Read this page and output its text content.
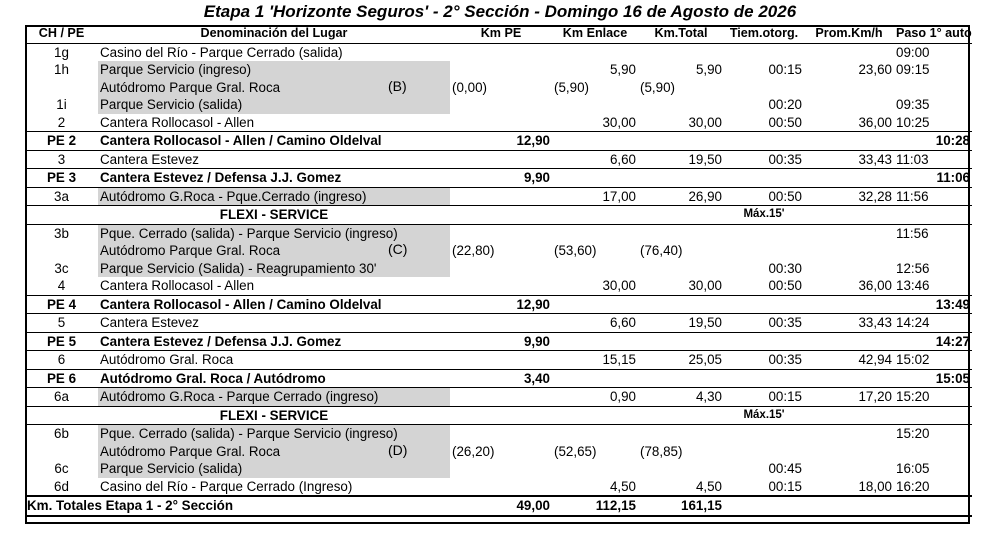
Etapa 1 'Horizonte Seguros' - 2° Sección - Domingo 16 de Agosto de 2026
CH / PE	Denominación del Lugar	Km PE	Km Enlace	Km.Total	Tiem.otorg.	Prom.Km/h	Paso 1° auto
1g	Casino del Río - Parque Cerrado (salida)						09:00
1h	Parque Servicio (ingreso)		5,90	5,90	00:15	23,60	09:15
	Autódromo Parque Gral. Roca (B)	(0,00)	(5,90)	(5,90)			
1i	Parque Servicio (salida)				00:20		09:35
2	Cantera Rollocasol - Allen		30,00	30,00	00:50	36,00	10:25
PE 2	Cantera Rollocasol - Allen / Camino Oldelval	12,90					10:28
3	Cantera Estevez		6,60	19,50	00:35	33,43	11:03
PE 3	Cantera Estevez / Defensa J.J. Gomez	9,90					11:06
3a	Autódromo G.Roca - Pque.Cerrado (ingreso)		17,00	26,90	00:50	32,28	11:56
	FLEXI - SERVICE				Máx.15'		
3b	Pque. Cerrado (salida) - Parque Servicio (ingreso)						11:56
	Autódromo Parque Gral. Roca (C)	(22,80)	(53,60)	(76,40)			
3c	Parque Servicio (Salida) - Reagrupamiento 30'				00:30		12:56
4	Cantera Rollocasol - Allen		30,00	30,00	00:50	36,00	13:46
PE 4	Cantera Rollocasol - Allen / Camino Oldelval	12,90					13:49
5	Cantera Estevez		6,60	19,50	00:35	33,43	14:24
PE 5	Cantera Estevez / Defensa J.J. Gomez	9,90					14:27
6	Autódromo Gral. Roca		15,15	25,05	00:35	42,94	15:02
PE 6	Autódromo Gral. Roca / Autódromo	3,40					15:05
6a	Autódromo G.Roca - Parque Cerrado (ingreso)		0,90	4,30	00:15	17,20	15:20
	FLEXI - SERVICE				Máx.15'		
6b	Pque. Cerrado (salida) - Parque Servicio (ingreso)						15:20
	Autódromo Parque Gral. Roca (D)	(26,20)	(52,65)	(78,85)			
6c	Parque Servicio (salida)				00:45		16:05
6d	Casino del Río - Parque Cerrado (Ingreso)		4,50	4,50	00:15	18,00	16:20
Km. Totales Etapa 1 - 2° Sección		49,00	112,15	161,15			
